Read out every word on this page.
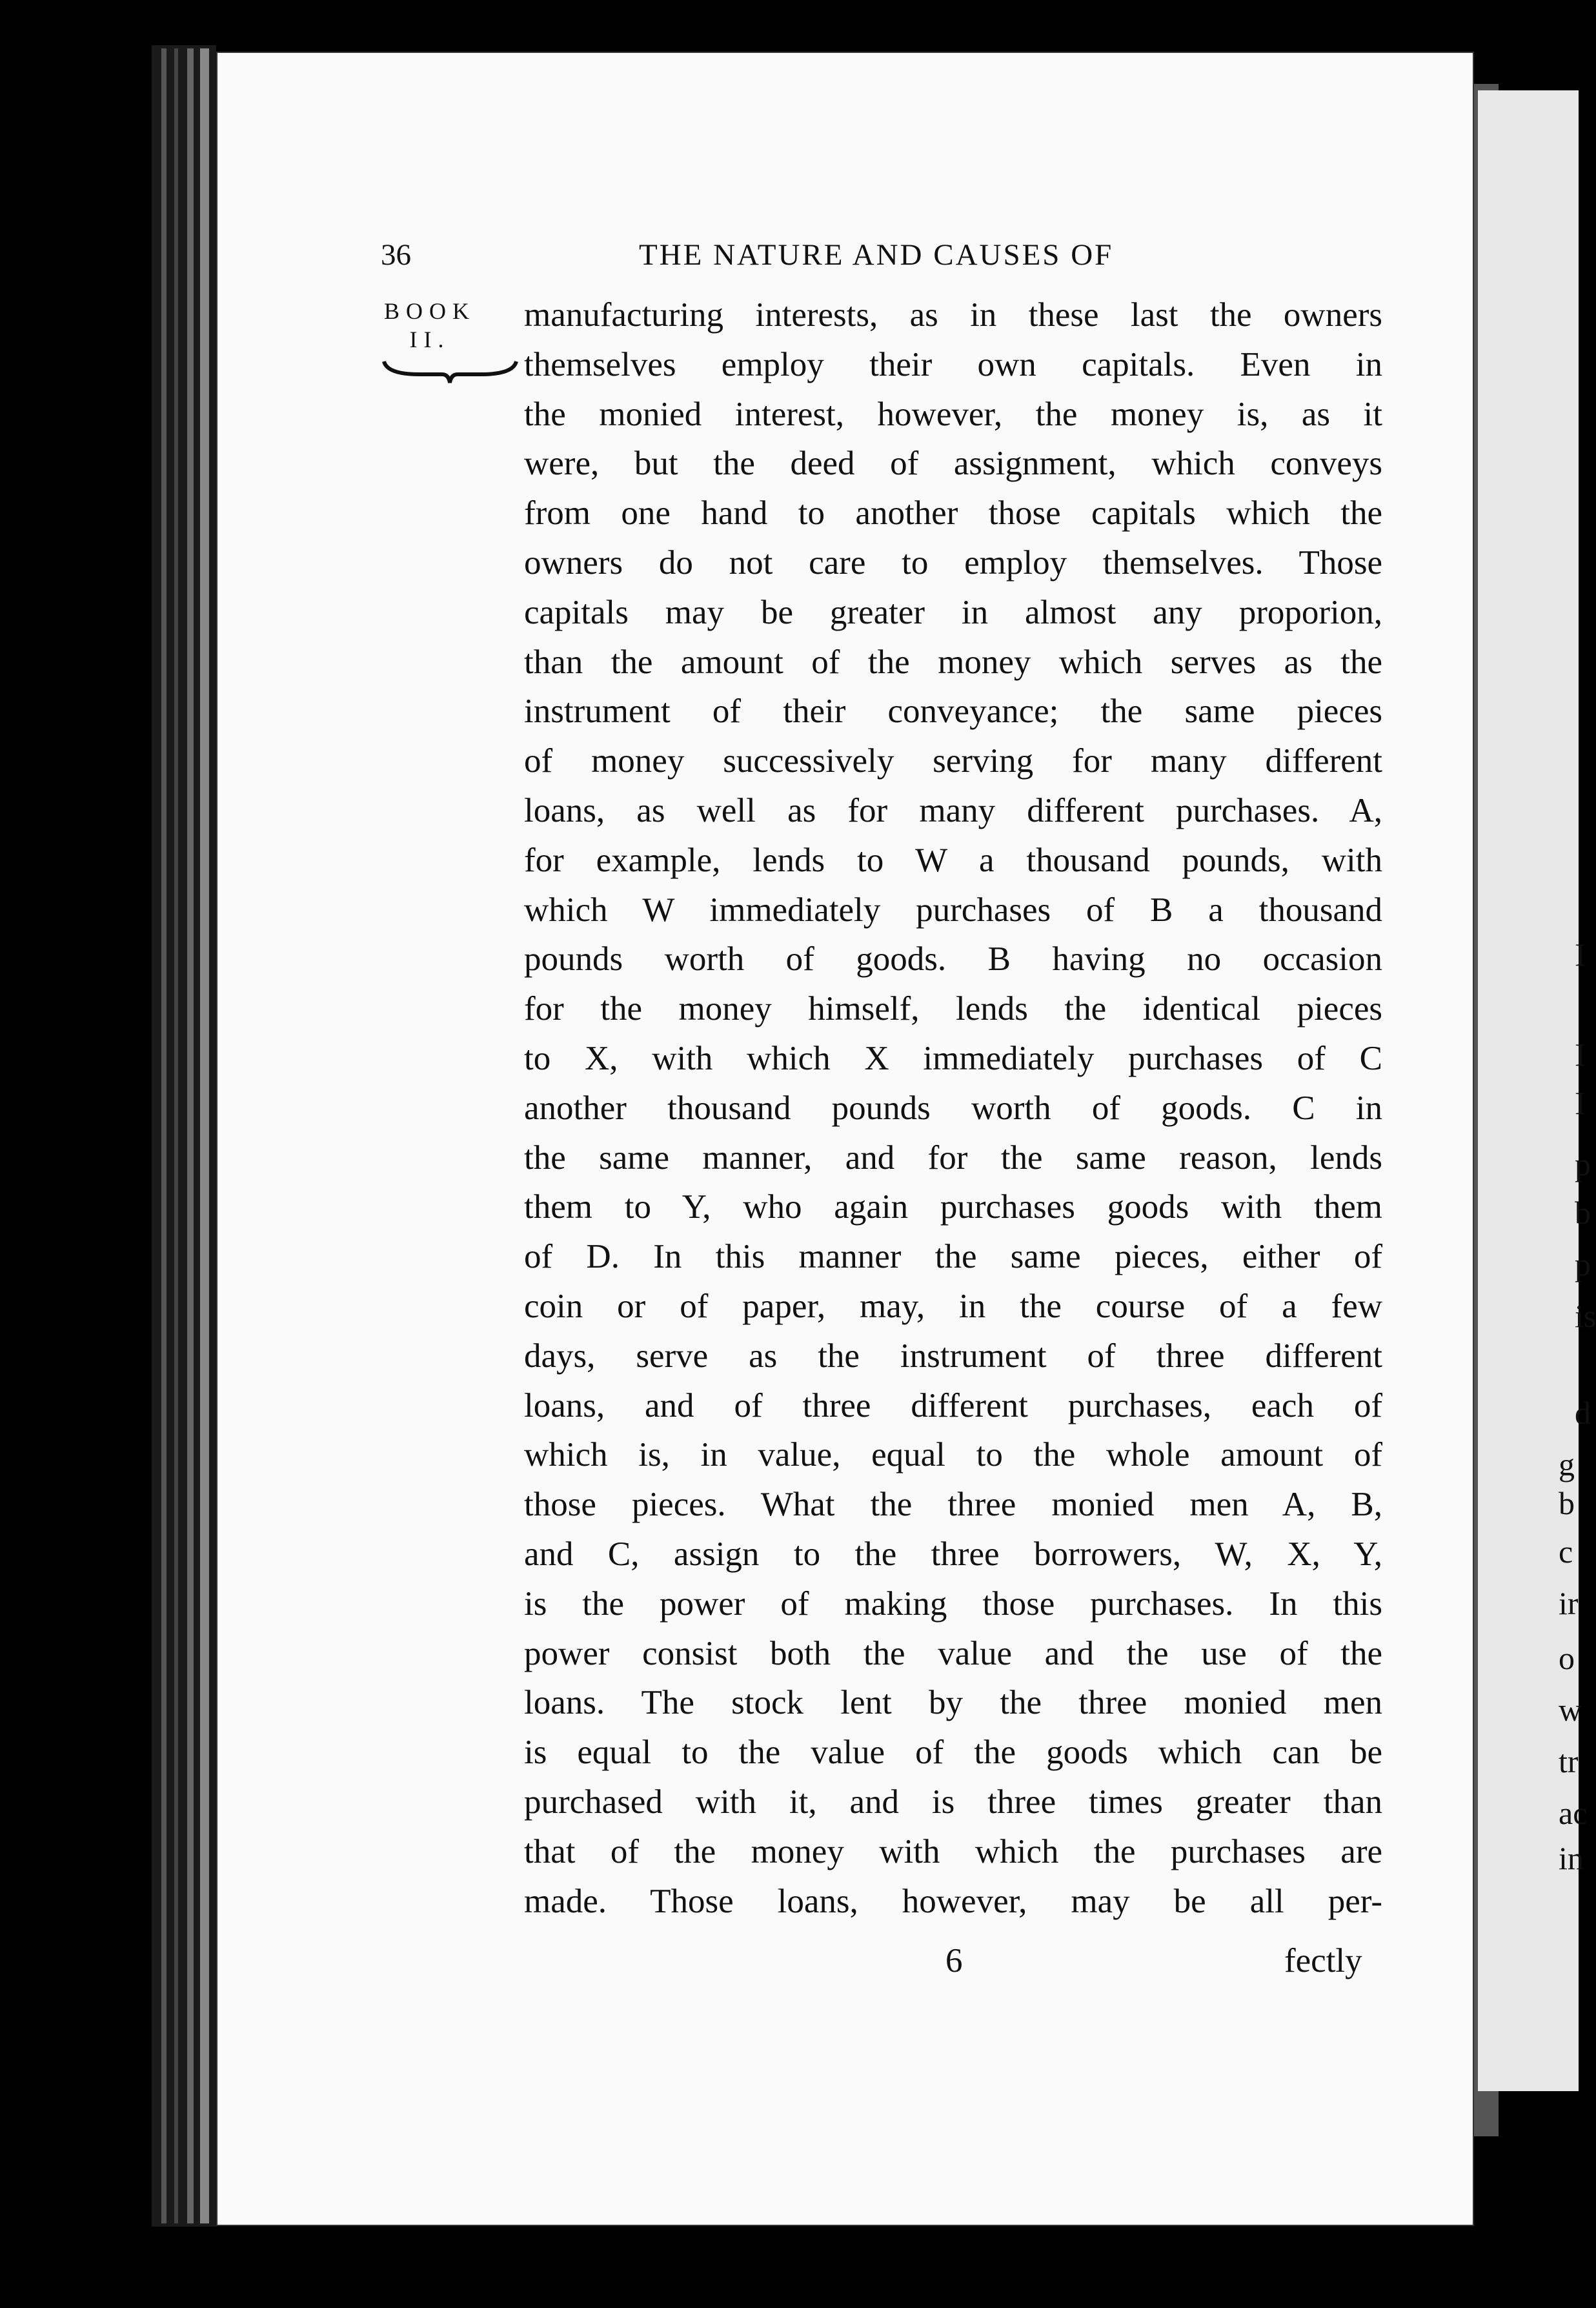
I
I
I
p
b
p
is
d
g
b
c
ir
o
w
tr
ac
in
36	THE NATURE AND CAUSES OF
BOOK
II.
manufacturing interests, as in these last the owners
themselves employ their own capitals. Even in
the monied interest, however, the money is, as it
were, but the deed of assignment, which conveys
from one hand to another those capitals which the
owners do not care to employ themselves. Those
capitals may be greater in almost any proporion,
than the amount of the money which serves as the
instrument of their conveyance; the same pieces
of money successively serving for many different
loans, as well as for many different purchases. A,
for example, lends to W a thousand pounds, with
which W immediately purchases of B a thousand
pounds worth of goods. B having no occasion
for the money himself, lends the identical pieces
to X, with which X immediately purchases of C
another thousand pounds worth of goods. C in
the same manner, and for the same reason, lends
them to Y, who again purchases goods with them
of D. In this manner the same pieces, either of
coin or of paper, may, in the course of a few
days, serve as the instrument of three different
loans, and of three different purchases, each of
which is, in value, equal to the whole amount of
those pieces. What the three monied men A, B,
and C, assign to the three borrowers, W, X, Y,
is the power of making those purchases. In this
power consist both the value and the use of the
loans. The stock lent by the three monied men
is equal to the value of the goods which can be
purchased with it, and is three times greater than
that of the money with which the purchases are
made. Those loans, however, may be all per-
6	fectly
